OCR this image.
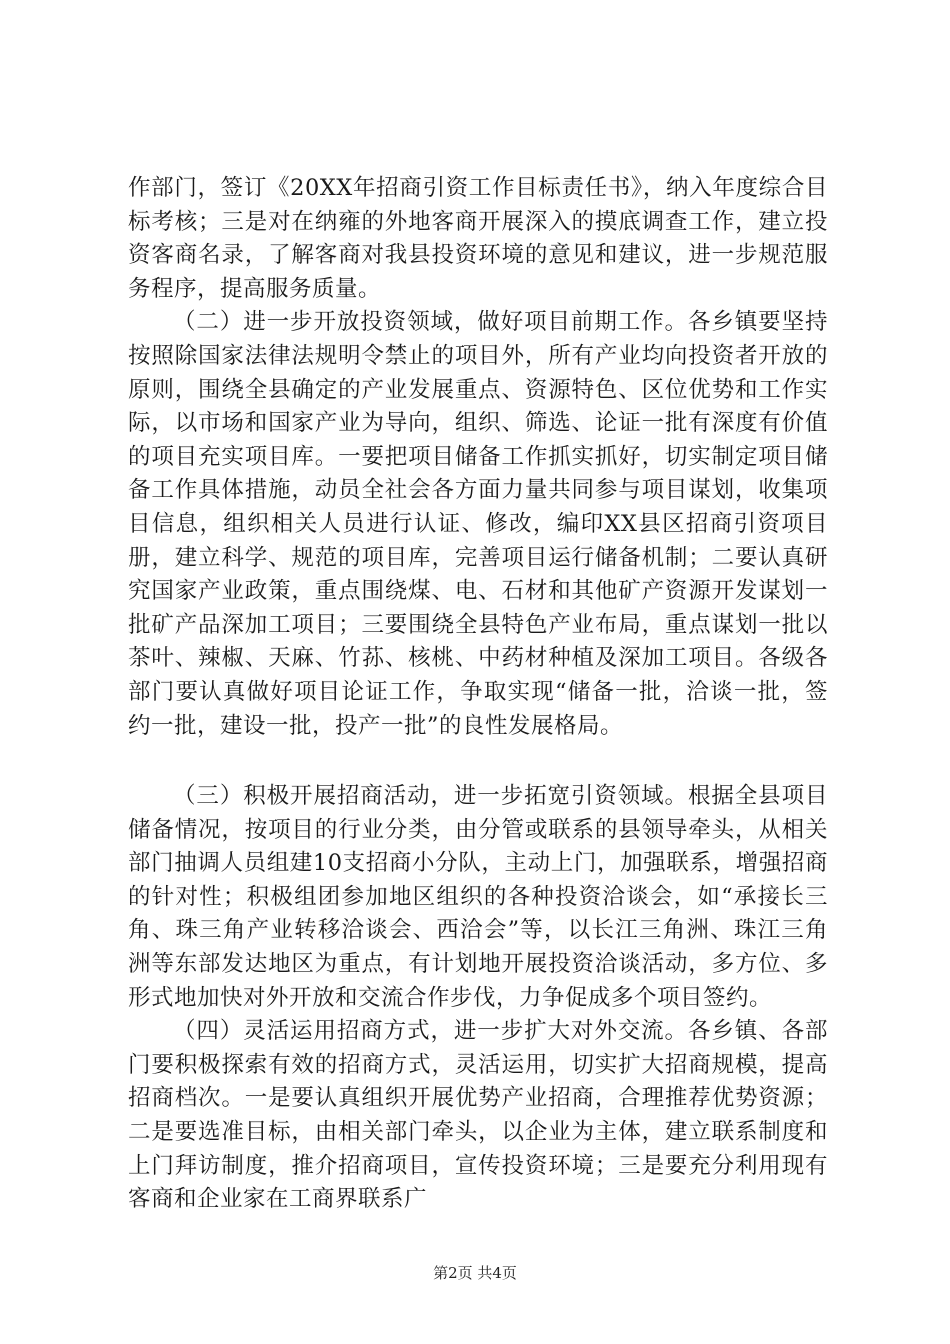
作部门，签订《20XX年招商引资工作目标责任书》，纳入年度综合目标考核；三是对在纳雍的外地客商开展深入的摸底调查工作，建立投资客商名录，了解客商对我县投资环境的意见和建议，进一步规范服务程序，提高服务质量。

（二）进一步开放投资领域，做好项目前期工作。各乡镇要坚持按照除国家法律法规明令禁止的项目外，所有产业均向投资者开放的原则，围绕全县确定的产业发展重点、资源特色、区位优势和工作实际，以市场和国家产业为导向，组织、筛选、论证一批有深度有价值的项目充实项目库。一要把项目储备工作抓实抓好，切实制定项目储备工作具体措施，动员全社会各方面力量共同参与项目谋划，收集项目信息，组织相关人员进行认证、修改，编印XX县区招商引资项目册，建立科学、规范的项目库，完善项目运行储备机制；二要认真研究国家产业政策，重点围绕煤、电、石材和其他矿产资源开发谋划一批矿产品深加工项目；三要围绕全县特色产业布局，重点谋划一批以茶叶、辣椒、天麻、竹荪、核桃、中药材种植及深加工项目。各级各部门要认真做好项目论证工作，争取实现“储备一批，洽谈一批，签约一批，建设一批，投产一批”的良性发展格局。

（三）积极开展招商活动，进一步拓宽引资领域。根据全县项目储备情况，按项目的行业分类，由分管或联系的县领导牵头，从相关部门抽调人员组建10支招商小分队，主动上门，加强联系，增强招商的针对性；积极组团参加地区组织的各种投资洽谈会，如“承接长三角、珠三角产业转移洽谈会、西洽会”等，以长江三角洲、珠江三角洲等东部发达地区为重点，有计划地开展投资洽谈活动，多方位、多形式地加快对外开放和交流合作步伐，力争促成多个项目签约。

（四）灵活运用招商方式，进一步扩大对外交流。各乡镇、各部门要积极探索有效的招商方式，灵活运用，切实扩大招商规模，提高招商档次。一是要认真组织开展优势产业招商，合理推荐优势资源；二是要选准目标，由相关部门牵头，以企业为主体，建立联系制度和上门拜访制度，推介招商项目，宣传投资环境；三是要充分利用现有客商和企业家在工商界联系广

第2页 共4页
